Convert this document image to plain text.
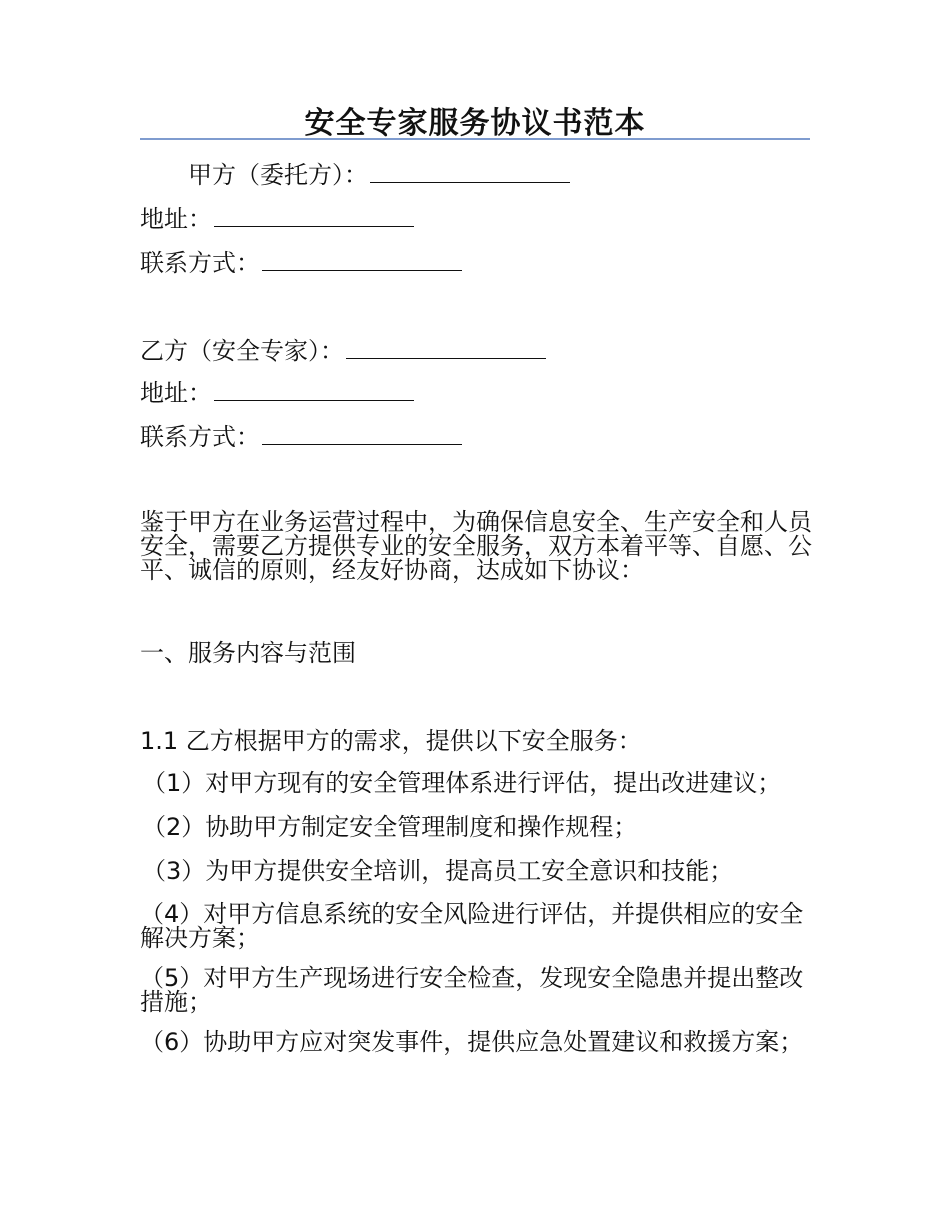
安全专家服务协议书范本
甲方（委托方）：
地址：
联系方式：
乙方（安全专家）：
地址：
联系方式：
鉴于甲方在业务运营过程中，为确保信息安全、生产安全和人员安全，需要乙方提供专业的安全服务，双方本着平等、自愿、公平、诚信的原则，经友好协商，达成如下协议：
一、服务内容与范围
1.1 乙方根据甲方的需求，提供以下安全服务：
（1）对甲方现有的安全管理体系进行评估，提出改进建议；
（2）协助甲方制定安全管理制度和操作规程；
（3）为甲方提供安全培训，提高员工安全意识和技能；
（4）对甲方信息系统的安全风险进行评估，并提供相应的安全解决方案；
（5）对甲方生产现场进行安全检查，发现安全隐患并提出整改措施；
（6）协助甲方应对突发事件，提供应急处置建议和救援方案；
